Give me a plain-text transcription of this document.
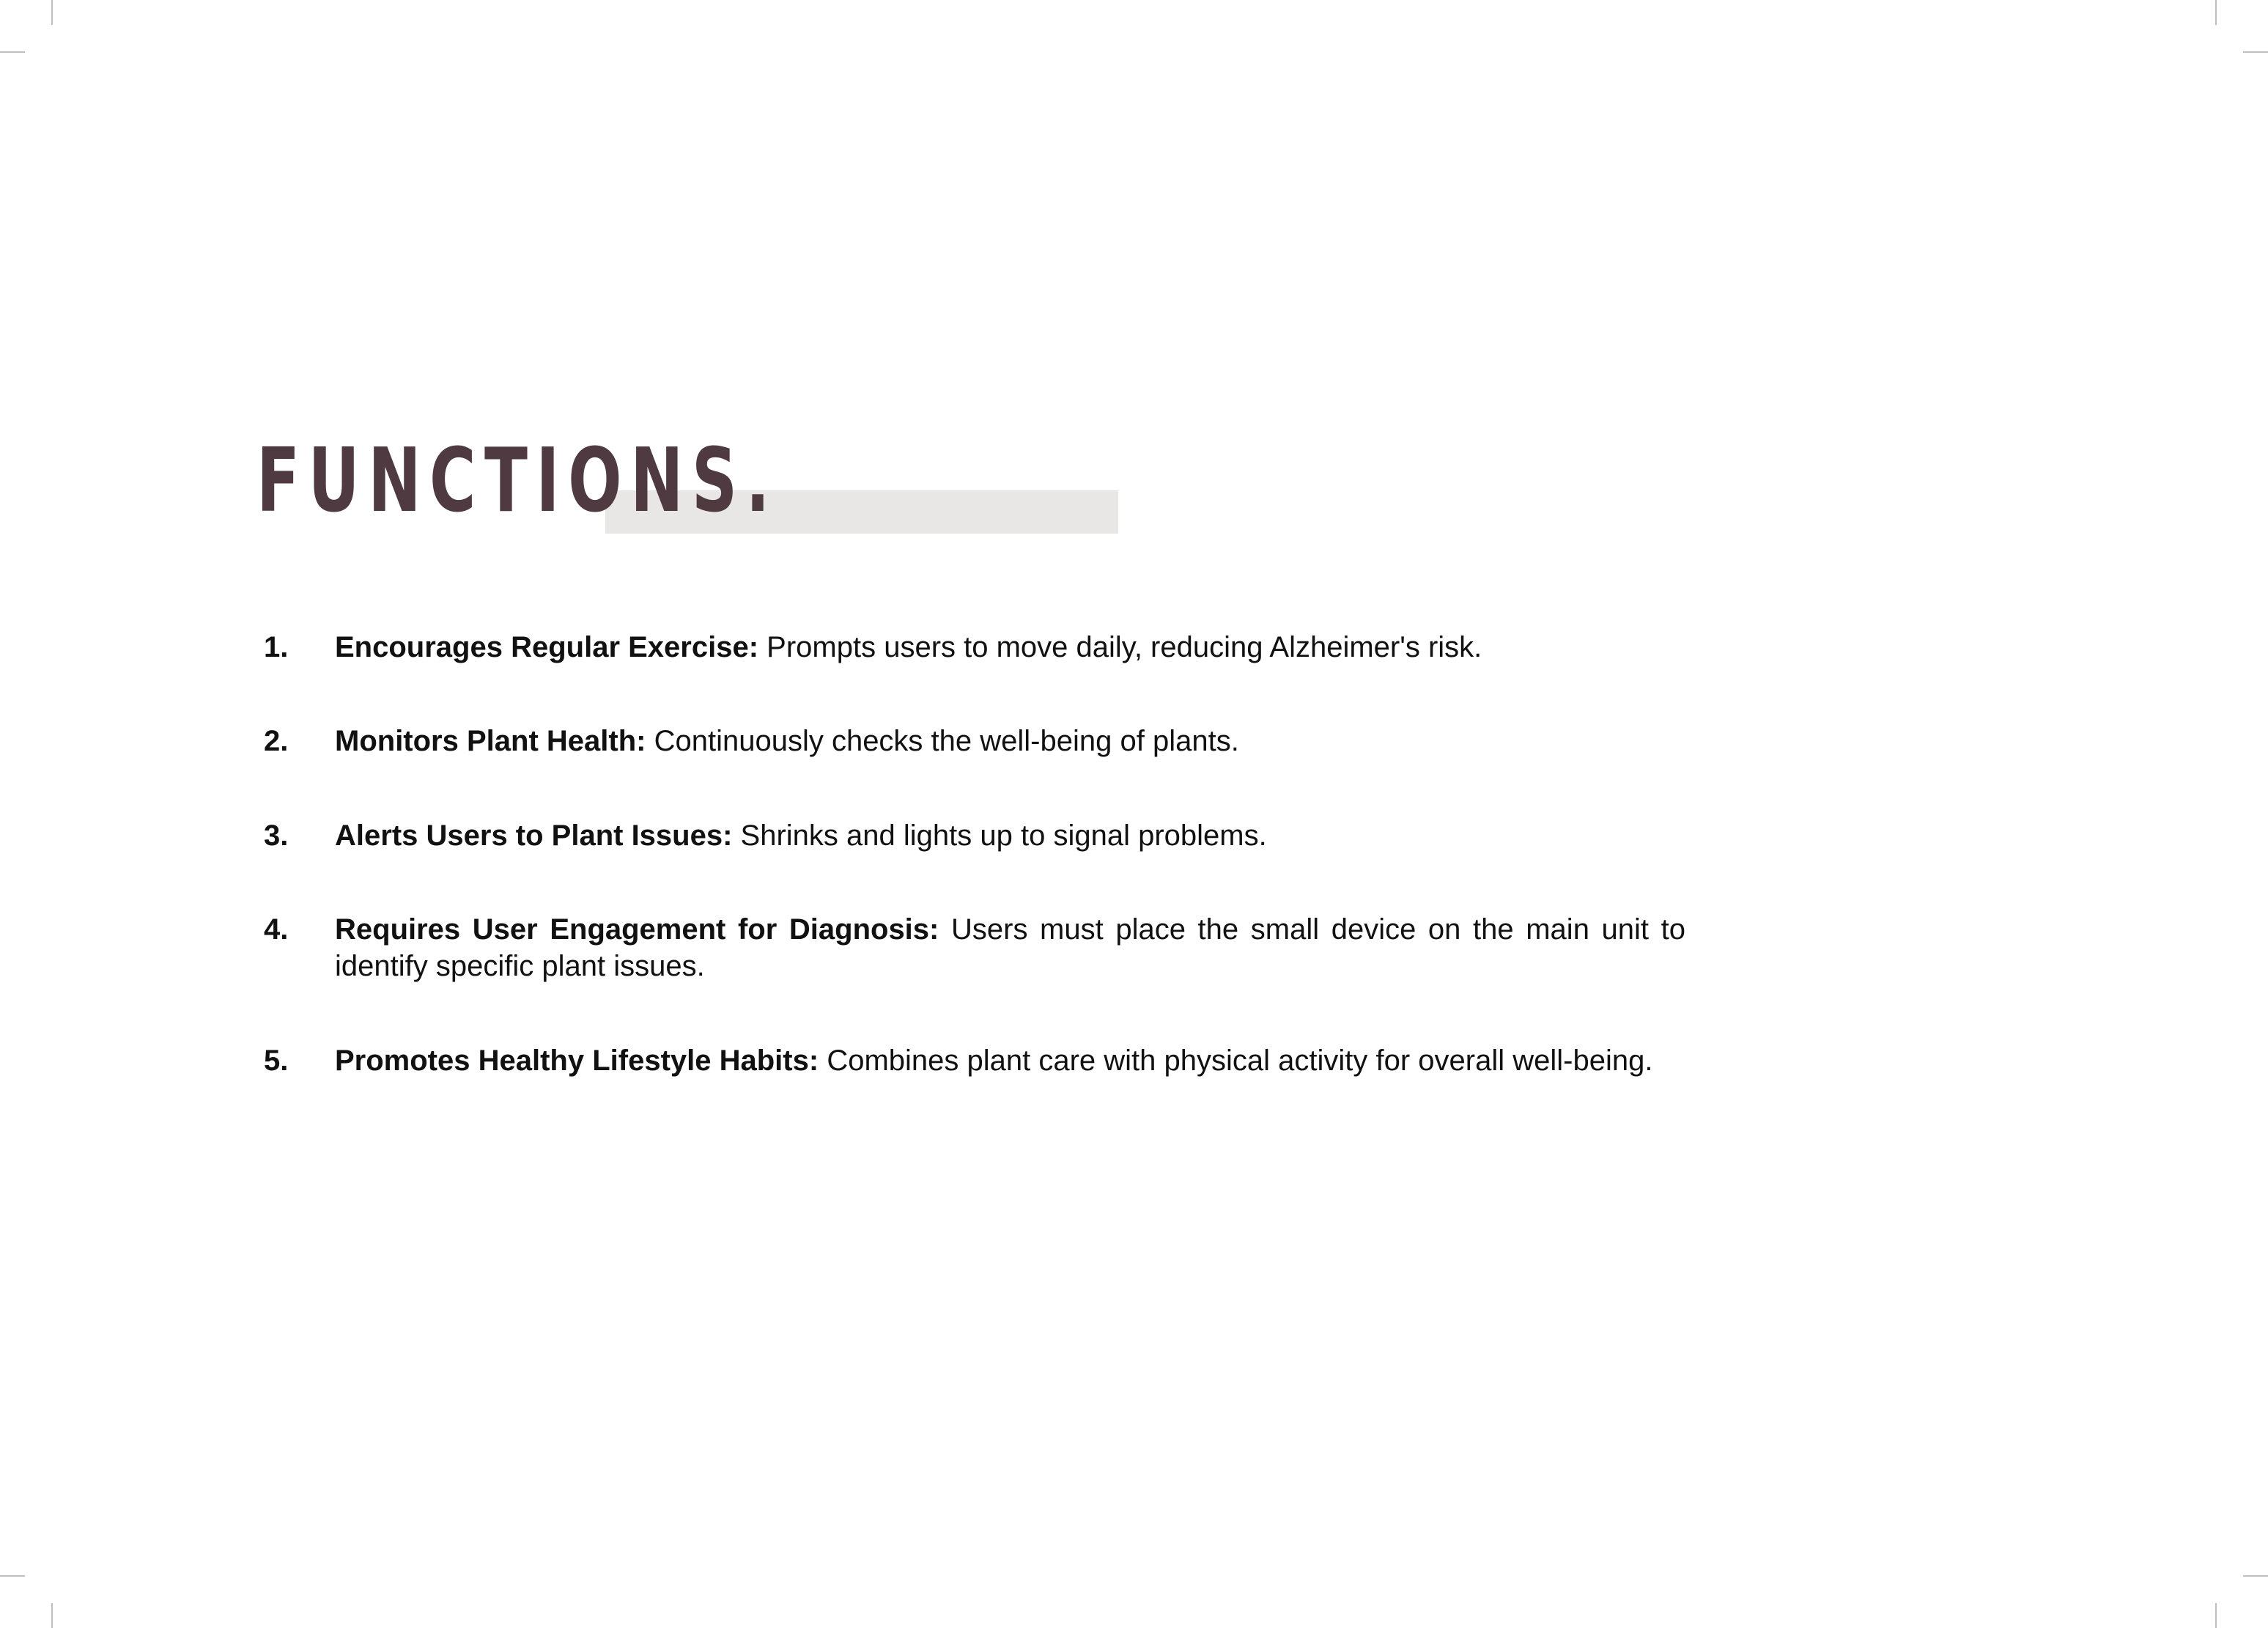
FUNCTIONS.
1. Encourages Regular Exercise: Prompts users to move daily, reducing Alzheimer's risk.
2. Monitors Plant Health: Continuously checks the well-being of plants.
3. Alerts Users to Plant Issues: Shrinks and lights up to signal problems.
4. Requires User Engagement for Diagnosis: Users must place the small device on the main unit to identify specific plant issues.
5. Promotes Healthy Lifestyle Habits: Combines plant care with physical activity for overall well-being.
